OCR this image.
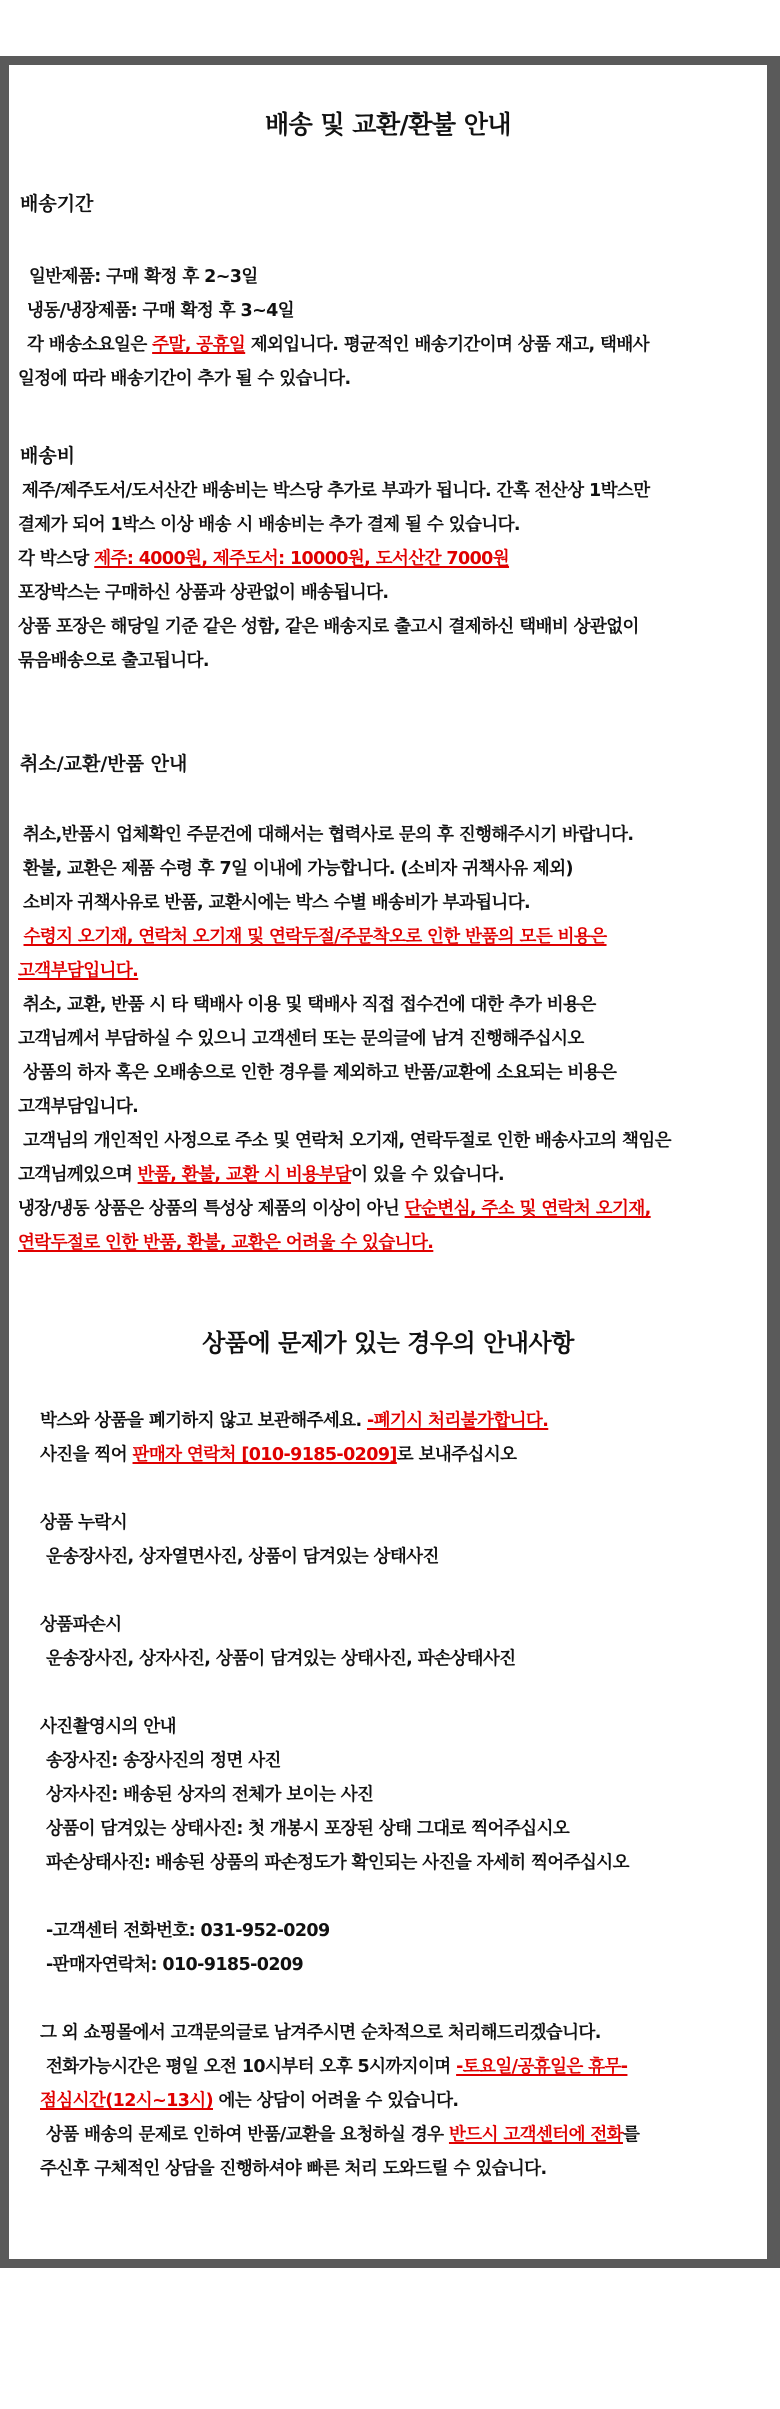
배송 및 교환/환불 안내
배송기간
일반제품: 구매 확정 후 2~3일
냉동/냉장제품: 구매 확정 후 3~4일
각 배송소요일은 주말, 공휴일 제외입니다. 평균적인 배송기간이며 상품 재고, 택배사
일정에 따라 배송기간이 추가 될 수 있습니다.
배송비
제주/제주도서/도서산간 배송비는 박스당 추가로 부과가 됩니다. 간혹 전산상 1박스만
결제가 되어 1박스 이상 배송 시 배송비는 추가 결제 될 수 있습니다.
각 박스당 제주: 4000원, 제주도서: 10000원, 도서산간 7000원
포장박스는 구매하신 상품과 상관없이 배송됩니다.
상품 포장은 해당일 기준 같은 성함, 같은 배송지로 출고시 결제하신 택배비 상관없이
묶음배송으로 출고됩니다.
취소/교환/반품 안내
취소,반품시 업체확인 주문건에 대해서는 협력사로 문의 후 진행해주시기 바랍니다.
환불, 교환은 제품 수령 후 7일 이내에 가능합니다. (소비자 귀책사유 제외)
소비자 귀책사유로 반품, 교환시에는 박스 수별 배송비가 부과됩니다.
수령지 오기재, 연락처 오기재 및 연락두절/주문착오로 인한 반품의 모든 비용은
고객부담입니다.
취소, 교환, 반품 시 타 택배사 이용 및 택배사 직접 접수건에 대한 추가 비용은
고객님께서 부담하실 수 있으니 고객센터 또는 문의글에 남겨 진행해주십시오
상품의 하자 혹은 오배송으로 인한 경우를 제외하고 반품/교환에 소요되는 비용은
고객부담입니다.
고객님의 개인적인 사정으로 주소 및 연락처 오기재, 연락두절로 인한 배송사고의 책임은
고객님께있으며 반품, 환불, 교환 시 비용부담이 있을 수 있습니다.
냉장/냉동 상품은 상품의 특성상 제품의 이상이 아닌 단순변심, 주소 및 연락처 오기재,
연락두절로 인한 반품, 환불, 교환은 어려울 수 있습니다.
상품에 문제가 있는 경우의 안내사항
박스와 상품을 폐기하지 않고 보관해주세요. -폐기시 처리불가합니다.
사진을 찍어 판매자 연락처 [010-9185-0209]로 보내주십시오
상품 누락시
운송장사진, 상자열면사진, 상품이 담겨있는 상태사진
상품파손시
운송장사진, 상자사진, 상품이 담겨있는 상태사진, 파손상태사진
사진촬영시의 안내
송장사진: 송장사진의 정면 사진
상자사진: 배송된 상자의 전체가 보이는 사진
상품이 담겨있는 상태사진: 첫 개봉시 포장된 상태 그대로 찍어주십시오
파손상태사진: 배송된 상품의 파손정도가 확인되는 사진을 자세히 찍어주십시오
-고객센터 전화번호: 031-952-0209
-판매자연락처: 010-9185-0209
그 외 쇼핑몰에서 고객문의글로 남겨주시면 순차적으로 처리해드리겠습니다.
전화가능시간은 평일 오전 10시부터 오후 5시까지이며 -토요일/공휴일은 휴무-
점심시간(12시~13시) 에는 상담이 어려울 수 있습니다.
상품 배송의 문제로 인하여 반품/교환을 요청하실 경우 반드시 고객센터에 전화를
주신후 구체적인 상담을 진행하셔야 빠른 처리 도와드릴 수 있습니다.
